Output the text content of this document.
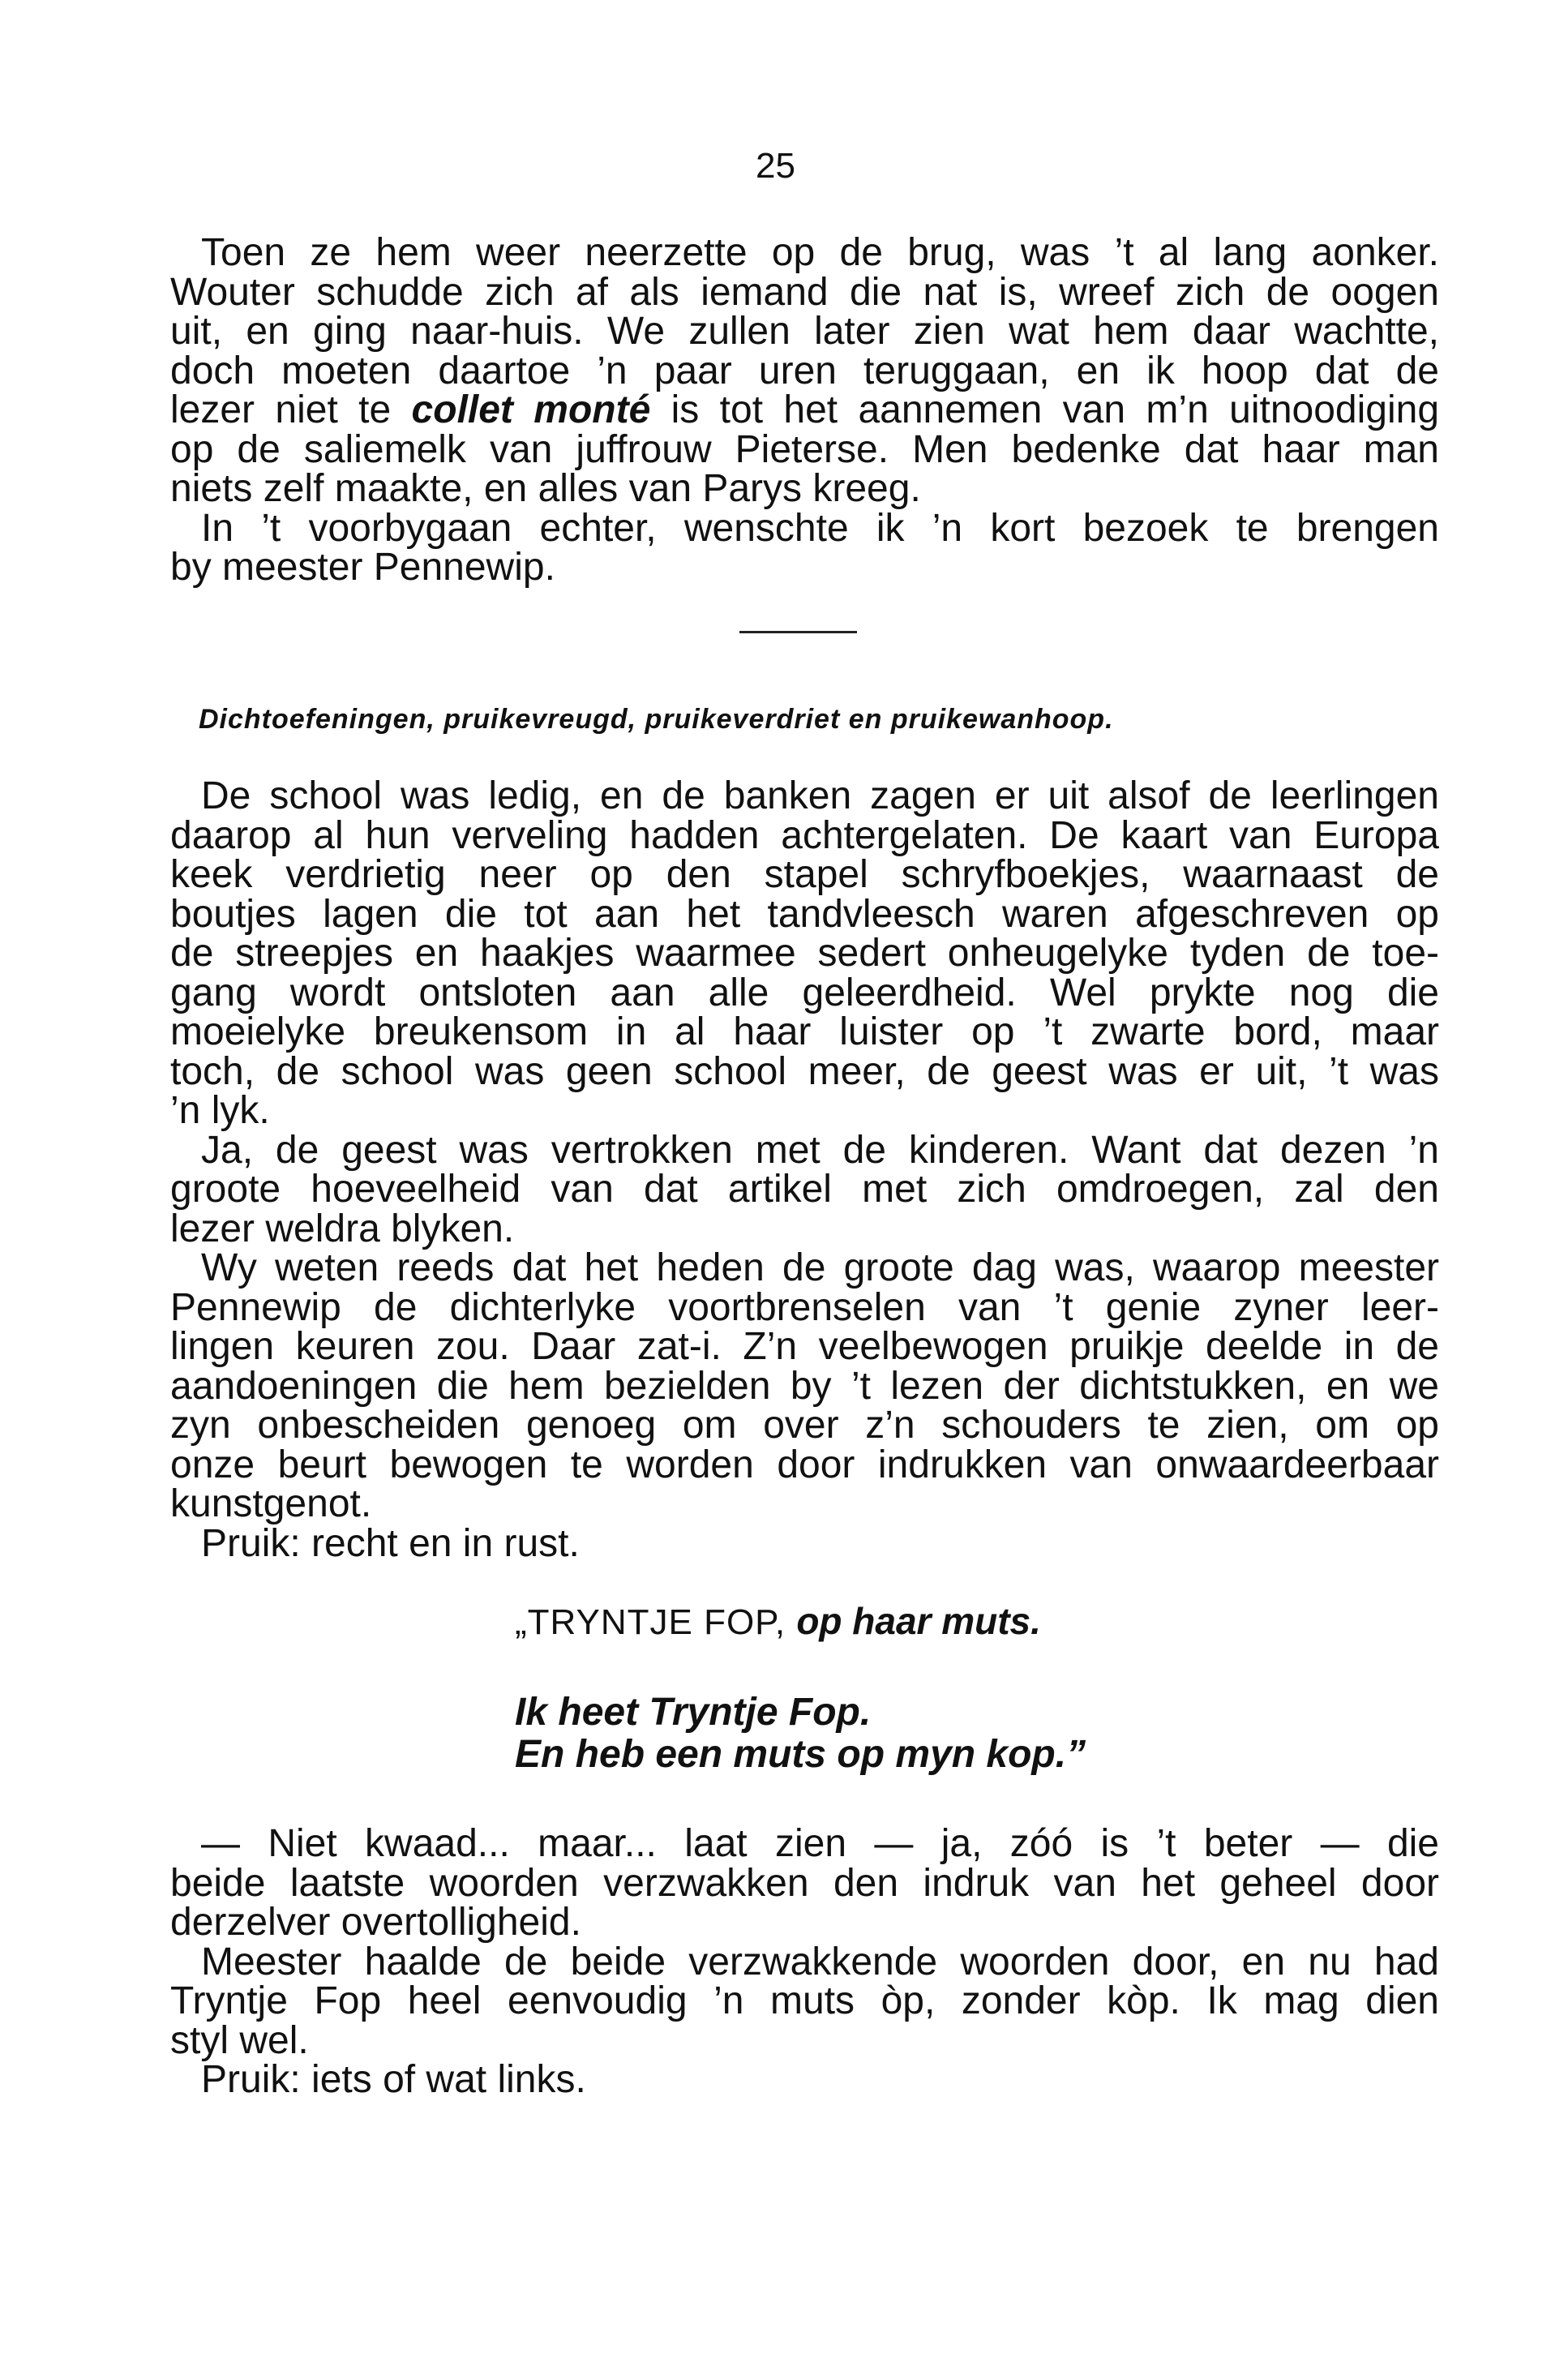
25
Toen ze hem weer neerzette op de brug, was ’t al lang aonker.
Wouter schudde zich af als iemand die nat is, wreef zich de oogen
uit, en ging naar-huis. We zullen later zien wat hem daar wachtte,
doch moeten daartoe ’n paar uren teruggaan, en ik hoop dat de
lezer niet te collet monté is tot het aannemen van m’n uitnoodiging
op de saliemelk van juffrouw Pieterse. Men bedenke dat haar man
niets zelf maakte, en alles van Parys kreeg.
In ’t voorbygaan echter, wenschte ik ’n kort bezoek te brengen
by meester Pennewip.
Dichtoefeningen, pruikevreugd, pruikeverdriet en pruikewanhoop.
De school was ledig, en de banken zagen er uit alsof de leerlingen
daarop al hun verveling hadden achtergelaten. De kaart van Europa
keek verdrietig neer op den stapel schryfboekjes, waarnaast de
boutjes lagen die tot aan het tandvleesch waren afgeschreven op
de streepjes en haakjes waarmee sedert onheugelyke tyden de toe-
gang wordt ontsloten aan alle geleerdheid. Wel prykte nog die
moeielyke breukensom in al haar luister op ’t zwarte bord, maar
toch, de school was geen school meer, de geest was er uit, ’t was
’n lyk.
Ja, de geest was vertrokken met de kinderen. Want dat dezen ’n
groote hoeveelheid van dat artikel met zich omdroegen, zal den
lezer weldra blyken.
Wy weten reeds dat het heden de groote dag was, waarop meester
Pennewip de dichterlyke voortbrenselen van ’t genie zyner leer-
lingen keuren zou. Daar zat-i. Z’n veelbewogen pruikje deelde in de
aandoeningen die hem bezielden by ’t lezen der dichtstukken, en we
zyn onbescheiden genoeg om over z’n schouders te zien, om op
onze beurt bewogen te worden door indrukken van onwaardeerbaar
kunstgenot.
Pruik: recht en in rust.
„TRYNTJE FOP, op haar muts.
Ik heet Tryntje Fop.
En heb een muts op myn kop.”
— Niet kwaad... maar... laat zien — ja, zóó is ’t beter — die
beide laatste woorden verzwakken den indruk van het geheel door
derzelver overtolligheid.
Meester haalde de beide verzwakkende woorden door, en nu had
Tryntje Fop heel eenvoudig ’n muts òp, zonder kòp. Ik mag dien
styl wel.
Pruik: iets of wat links.
